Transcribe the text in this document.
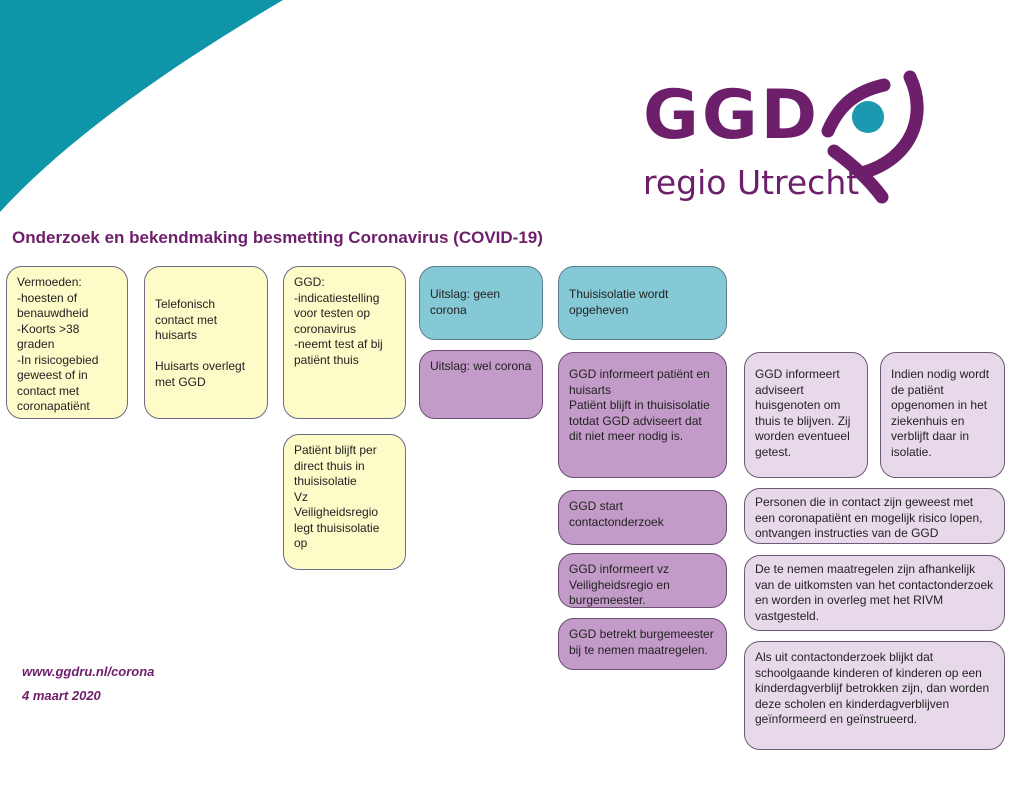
GGD
regio Utrecht
Onderzoek en bekendmaking besmetting Coronavirus (COVID-19)
Vermoeden:
-hoesten of benauwdheid
-Koorts >38 graden
-In risicogebied geweest of in contact met coronapatiënt
Telefonisch contact met huisarts

Huisarts overlegt met GGD
GGD:
-indicatiestelling voor testen op coronavirus
-neemt test af bij patiënt thuis
Patiënt blijft per direct thuis in thuisisolatie
Vz Veiligheidsregio legt thuisisolatie op
Uitslag: geen corona
Uitslag: wel corona
Thuisisolatie wordt opgeheven
GGD informeert patiënt en huisarts
Patiënt blijft in thuisisolatie totdat GGD adviseert dat dit niet meer nodig is.
GGD start contactonderzoek
GGD informeert vz Veiligheidsregio en burgemeester.
GGD betrekt burgemeester bij te nemen maatregelen.
GGD informeert adviseert huisgenoten om thuis te blijven. Zij worden eventueel getest.
Indien nodig wordt de patiënt opgenomen in het ziekenhuis en verblijft daar in isolatie.
Personen die in contact zijn geweest met een coronapatiënt en mogelijk risico lopen, ontvangen instructies van de GGD
De te nemen maatregelen zijn afhankelijk van de uitkomsten van het contactonderzoek en worden in overleg met het RIVM vastgesteld.
Als uit contactonderzoek blijkt dat schoolgaande kinderen of kinderen op een kinderdagverblijf betrokken zijn, dan worden deze scholen en kinderdagverblijven geïnformeerd en geïnstrueerd.
www.ggdru.nl/corona
4 maart 2020
